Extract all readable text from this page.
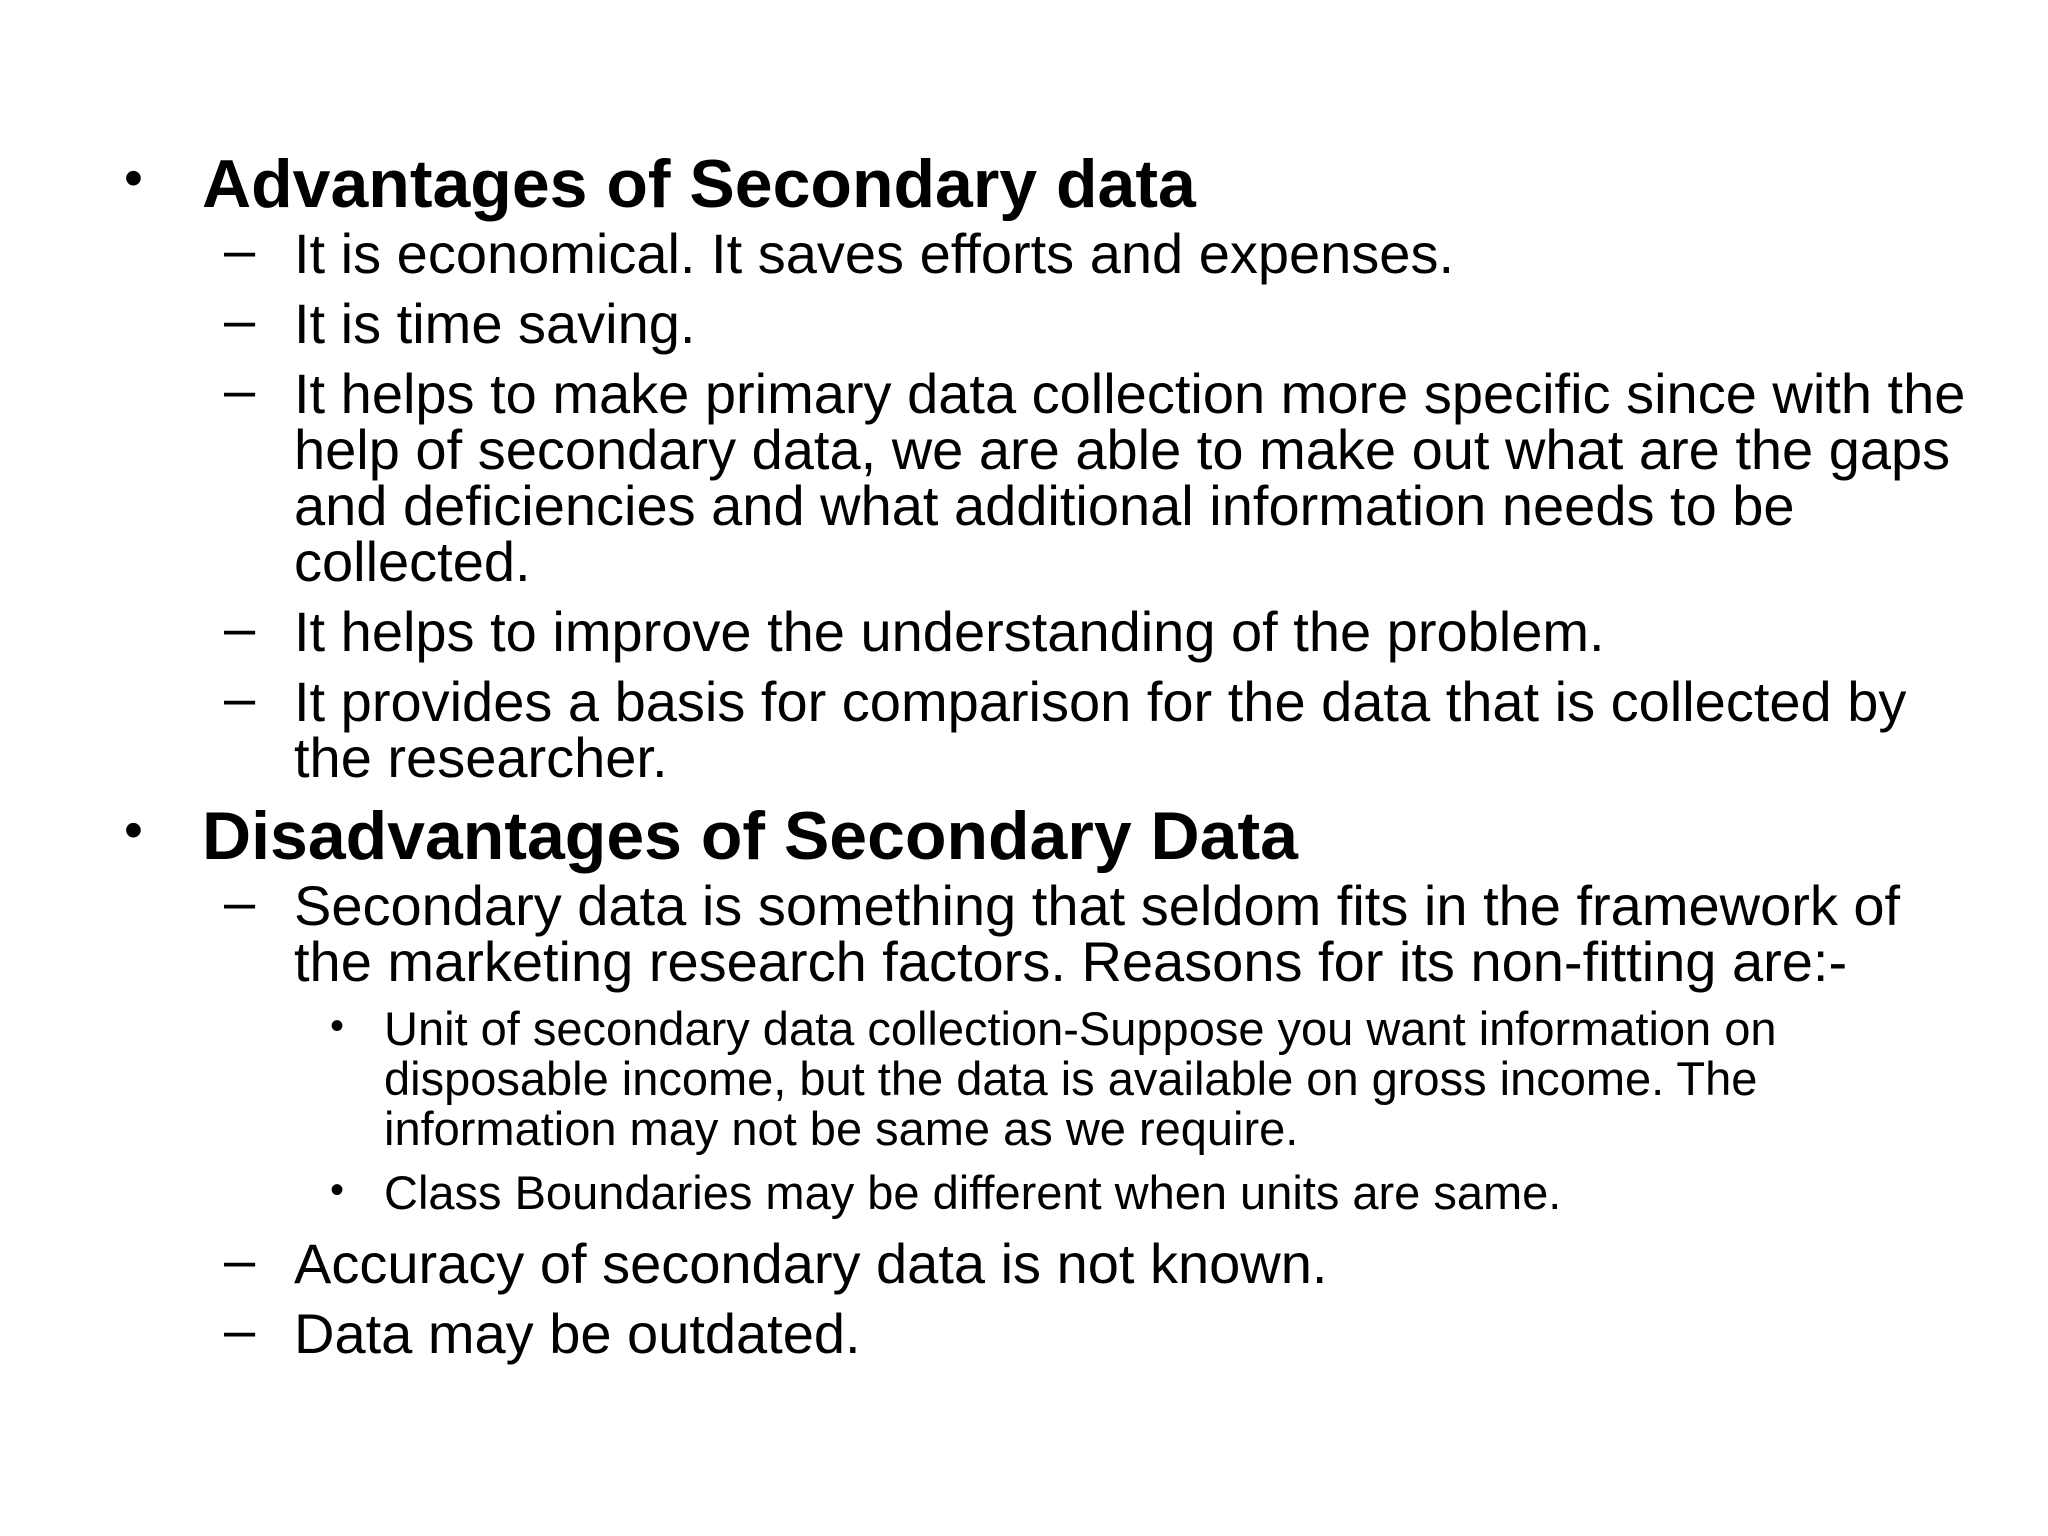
• Advantages of Secondary data
– It is economical. It saves efforts and expenses.
– It is time saving.
– It helps to make primary data collection more specific since with the help of secondary data, we are able to make out what are the gaps and deficiencies and what additional information needs to be collected.
– It helps to improve the understanding of the problem.
– It provides a basis for comparison for the data that is collected by the researcher.
• Disadvantages of Secondary Data
– Secondary data is something that seldom fits in the framework of the marketing research factors. Reasons for its non-fitting are:-
• Unit of secondary data collection-Suppose you want information on disposable income, but the data is available on gross income. The information may not be same as we require.
• Class Boundaries may be different when units are same.
– Accuracy of secondary data is not known.
– Data may be outdated.
